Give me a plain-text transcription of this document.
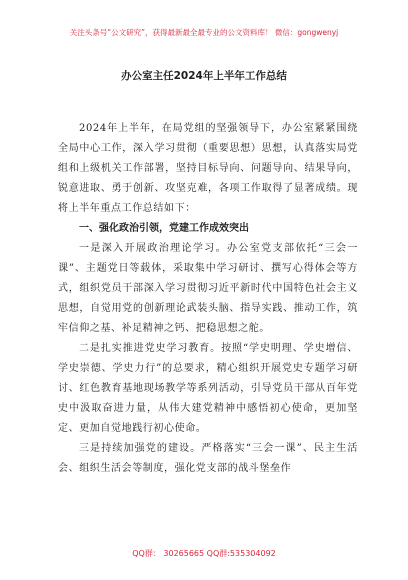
关注头条号“公文研究”，获得最新最全最专业的公文资料库！ 微信：gongwenyj
办公室主任2024年上半年工作总结

2024年上半年，在局党组的坚强领导下，办公室紧紧围绕全局中心工作，深入学习贯彻（重要思想）思想，认真落实局党组和上级机关工作部署，坚持目标导向、问题导向、结果导向，锐意进取、勇于创新、攻坚克难，各项工作取得了显著成绩。现将上半年重点工作总结如下：

一、强化政治引领，党建工作成效突出

一是深入开展政治理论学习。办公室党支部依托“三会一课”、主题党日等载体，采取集中学习研讨、撰写心得体会等方式，组织党员干部深入学习贯彻习近平新时代中国特色社会主义思想，自觉用党的创新理论武装头脑、指导实践、推动工作，筑牢信仰之基、补足精神之钙、把稳思想之舵。

二是扎实推进党史学习教育。按照“学史明理、学史增信、学史崇德、学史力行”的总要求，精心组织开展党史专题学习研讨、红色教育基地现场教学等系列活动，引导党员干部从百年党史中汲取奋进力量，从伟大建党精神中感悟初心使命，更加坚定、更加自觉地践行初心使命。

三是持续加强党的建设。严格落实“三会一课”、民主生活会、组织生活会等制度，强化党支部的战斗堡垒作

QQ群： 30265665 QQ群:535304092
